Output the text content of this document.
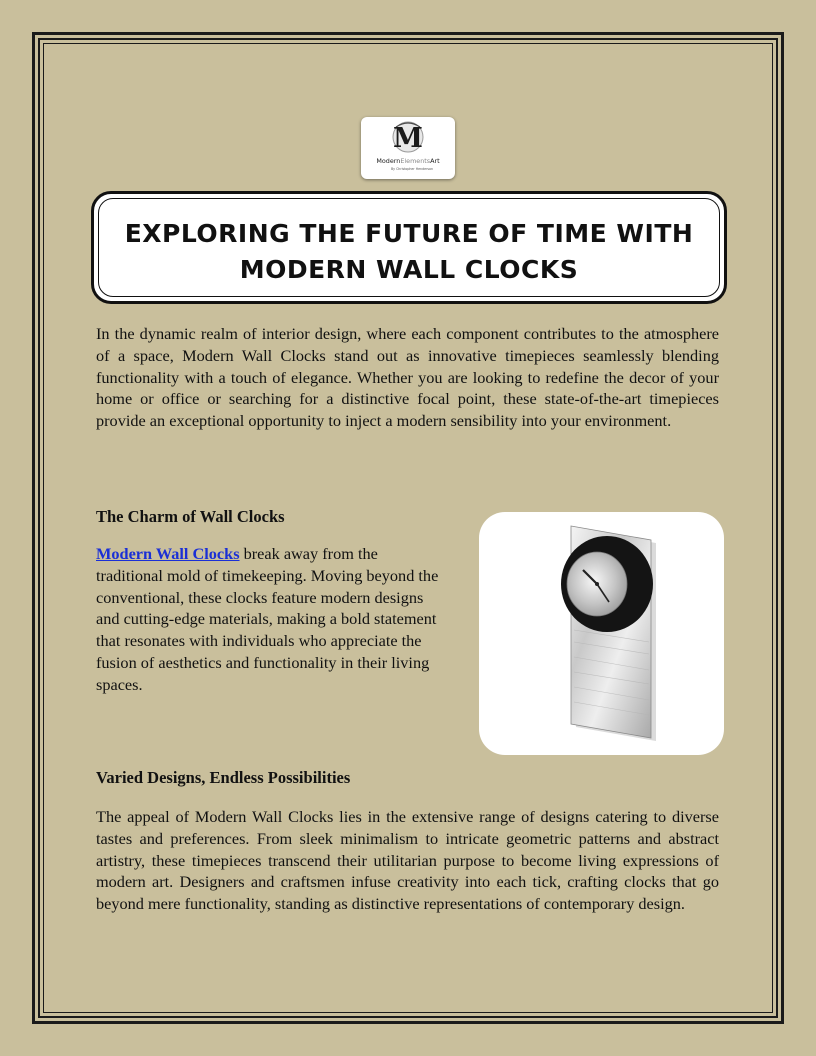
M
ModernElementsArt
By Christopher Henderson
EXPLORING THE FUTURE OF TIME WITH
MODERN WALL CLOCKS

In the dynamic realm of interior design, where each component contributes to the atmosphere of a space, Modern Wall Clocks stand out as innovative timepieces seamlessly blending functionality with a touch of elegance. Whether you are looking to redefine the decor of your home or office or searching for a distinctive focal point, these state-of-the-art timepieces provide an exceptional opportunity to inject a modern sensibility into your environment.

The Charm of Wall Clocks

Modern Wall Clocks break away from the traditional mold of timekeeping. Moving beyond the conventional, these clocks feature modern designs and cutting-edge materials, making a bold statement that resonates with individuals who appreciate the fusion of aesthetics and functionality in their living spaces.

Varied Designs, Endless Possibilities

The appeal of Modern Wall Clocks lies in the extensive range of designs catering to diverse tastes and preferences. From sleek minimalism to intricate geometric patterns and abstract artistry, these timepieces transcend their utilitarian purpose to become living expressions of modern art. Designers and craftsmen infuse creativity into each tick, crafting clocks that go beyond mere functionality, standing as distinctive representations of contemporary design.
